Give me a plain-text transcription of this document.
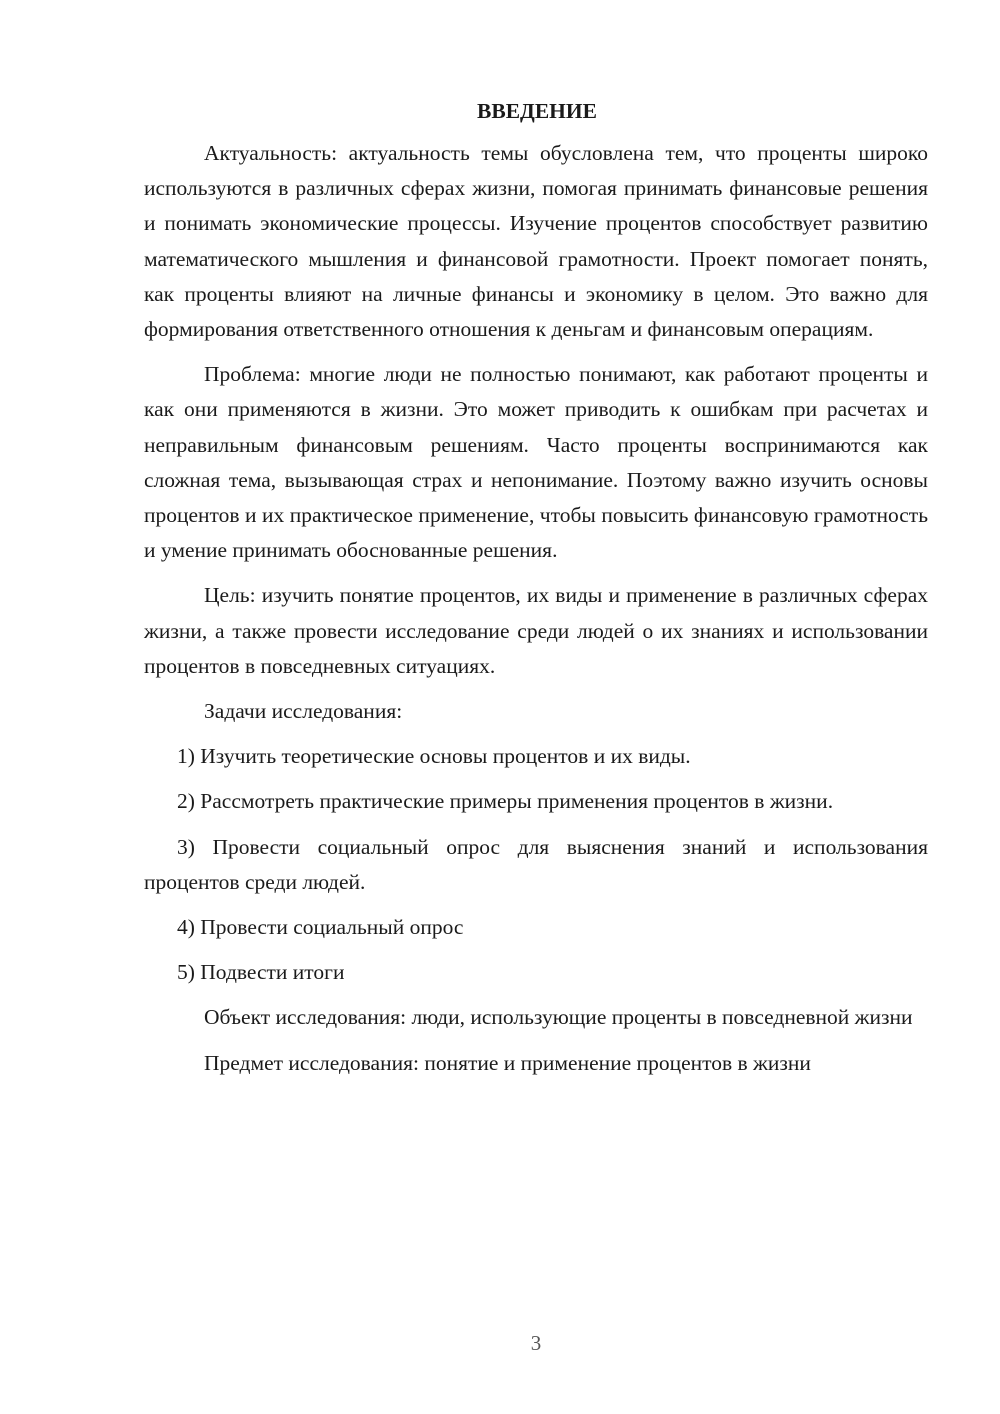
ВВЕДЕНИЕ

Актуальность: актуальность темы обусловлена тем, что проценты широко используются в различных сферах жизни, помогая принимать финансовые решения и понимать экономические процессы. Изучение процентов способствует развитию математического мышления и финансовой грамотности. Проект помогает понять, как проценты влияют на личные финансы и экономику в целом. Это важно для формирования ответственного отношения к деньгам и финансовым операциям.

Проблема: многие люди не полностью понимают, как работают проценты и как они применяются в жизни. Это может приводить к ошибкам при расчетах и неправильным финансовым решениям. Часто проценты воспринимаются как сложная тема, вызывающая страх и непонимание. Поэтому важно изучить основы процентов и их практическое применение, чтобы повысить финансовую грамотность и умение принимать обоснованные решения.

Цель: изучить понятие процентов, их виды и применение в различных сферах жизни, а также провести исследование среди людей о их знаниях и использовании процентов в повседневных ситуациях.

Задачи исследования:

1) Изучить теоретические основы процентов и их виды.
2) Рассмотреть практические примеры применения процентов в жизни.
3) Провести социальный опрос для выяснения знаний и использования процентов среди людей.
4) Провести социальный опрос
5) Подвести итоги

Объект исследования: люди, использующие проценты в повседневной жизни

Предмет исследования: понятие и применение процентов в жизни

3
